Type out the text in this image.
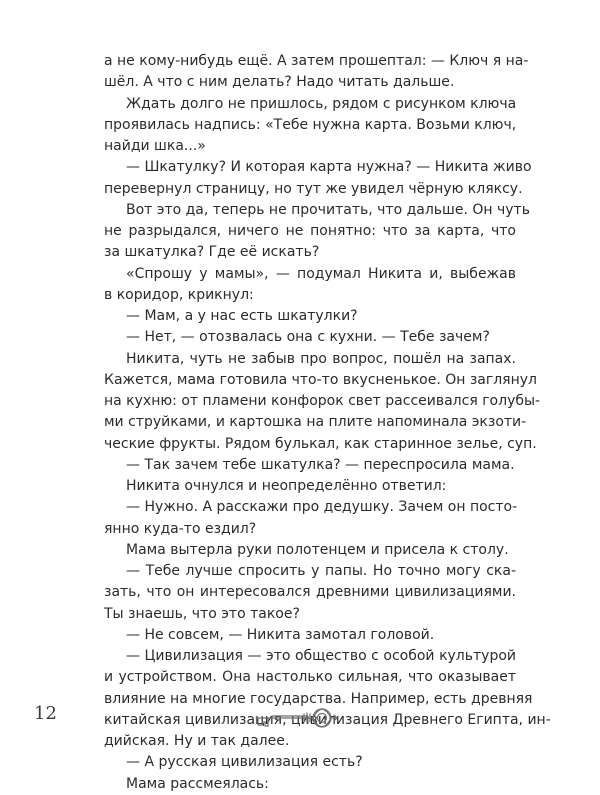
а не кому-нибудь ещё. А затем прошептал: — Ключ я на-
шёл. А что с ним делать? Надо читать дальше.
Ждать долго не пришлось, рядом с рисунком ключа
проявилась надпись: «Тебе нужна карта. Возьми ключ,
найди шка...»
— Шкатулку? И которая карта нужна? — Никита живо
перевернул страницу, но тут же увидел чёрную кляксу.
Вот это да, теперь не прочитать, что дальше. Он чуть
не разрыдался, ничего не понятно: что за карта, что
за шкатулка? Где её искать?
«Спрошу у мамы», — подумал Никита и, выбежав
в коридор, крикнул:
— Мам, а у нас есть шкатулки?
— Нет, — отозвалась она с кухни. — Тебе зачем?
Никита, чуть не забыв про вопрос, пошёл на запах.
Кажется, мама готовила что-то вкусненькое. Он заглянул
на кухню: от пламени конфорок свет рассеивался голубы-
ми струйками, и картошка на плите напоминала экзоти-
ческие фрукты. Рядом булькал, как старинное зелье, суп.
— Так зачем тебе шкатулка? — переспросила мама.
Никита очнулся и неопределённо ответил:
— Нужно. А расскажи про дедушку. Зачем он посто-
янно куда-то ездил?
Мама вытерла руки полотенцем и присела к столу.
— Тебе лучше спросить у папы. Но точно могу ска-
зать, что он интересовался древними цивилизациями.
Ты знаешь, что это такое?
— Не совсем, — Никита замотал головой.
— Цивилизация — это общество с особой культурой
и устройством. Она настолько сильная, что оказывает
влияние на многие государства. Например, есть древняя
китайская цивилизация, цивилизация Древнего Египта, ин-
дийская. Ну и так далее.
— А русская цивилизация есть?
Мама рассмеялась:
12
